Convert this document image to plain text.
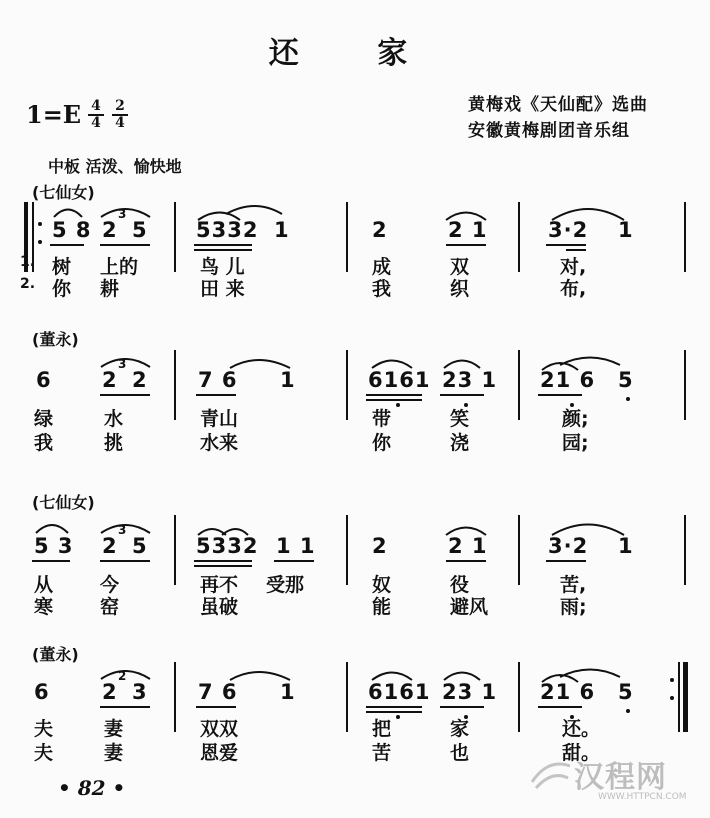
还 家
$1=E \frac{4}{4} \frac{2}{4}$	黄梅戏《天仙配》选曲
安徽黄梅剧团音乐组
中板 活泼、愉快地
(七仙女)
(董永)
(七仙女)
(董永)
5 8 2
3
5 5332 1	2	2 1	3·2 1
1. 树 上的	鸟 儿	成	双	对,
2. 你 耕	田 来	我	织	布,
6 2
3
2 7 6 1	6161 23 1 21 6 5
绿	水	青山	带	笑	颜;
我	挑	水来	你	浇	园;
5 3 2
3
5 5332 1 1	2	2 1	3·2 1
从 今	再不 受那	奴	役	苦,
寒 窑	虽破	能	避风	雨;
6 2
2
3 7 6 1	6161 23 1 21 6 5
夫	妻	双双	把	家	还。
夫	妻	恩爱	苦	也	甜。
• 82 •	汉程网
WWW.HTTPCN.COM
